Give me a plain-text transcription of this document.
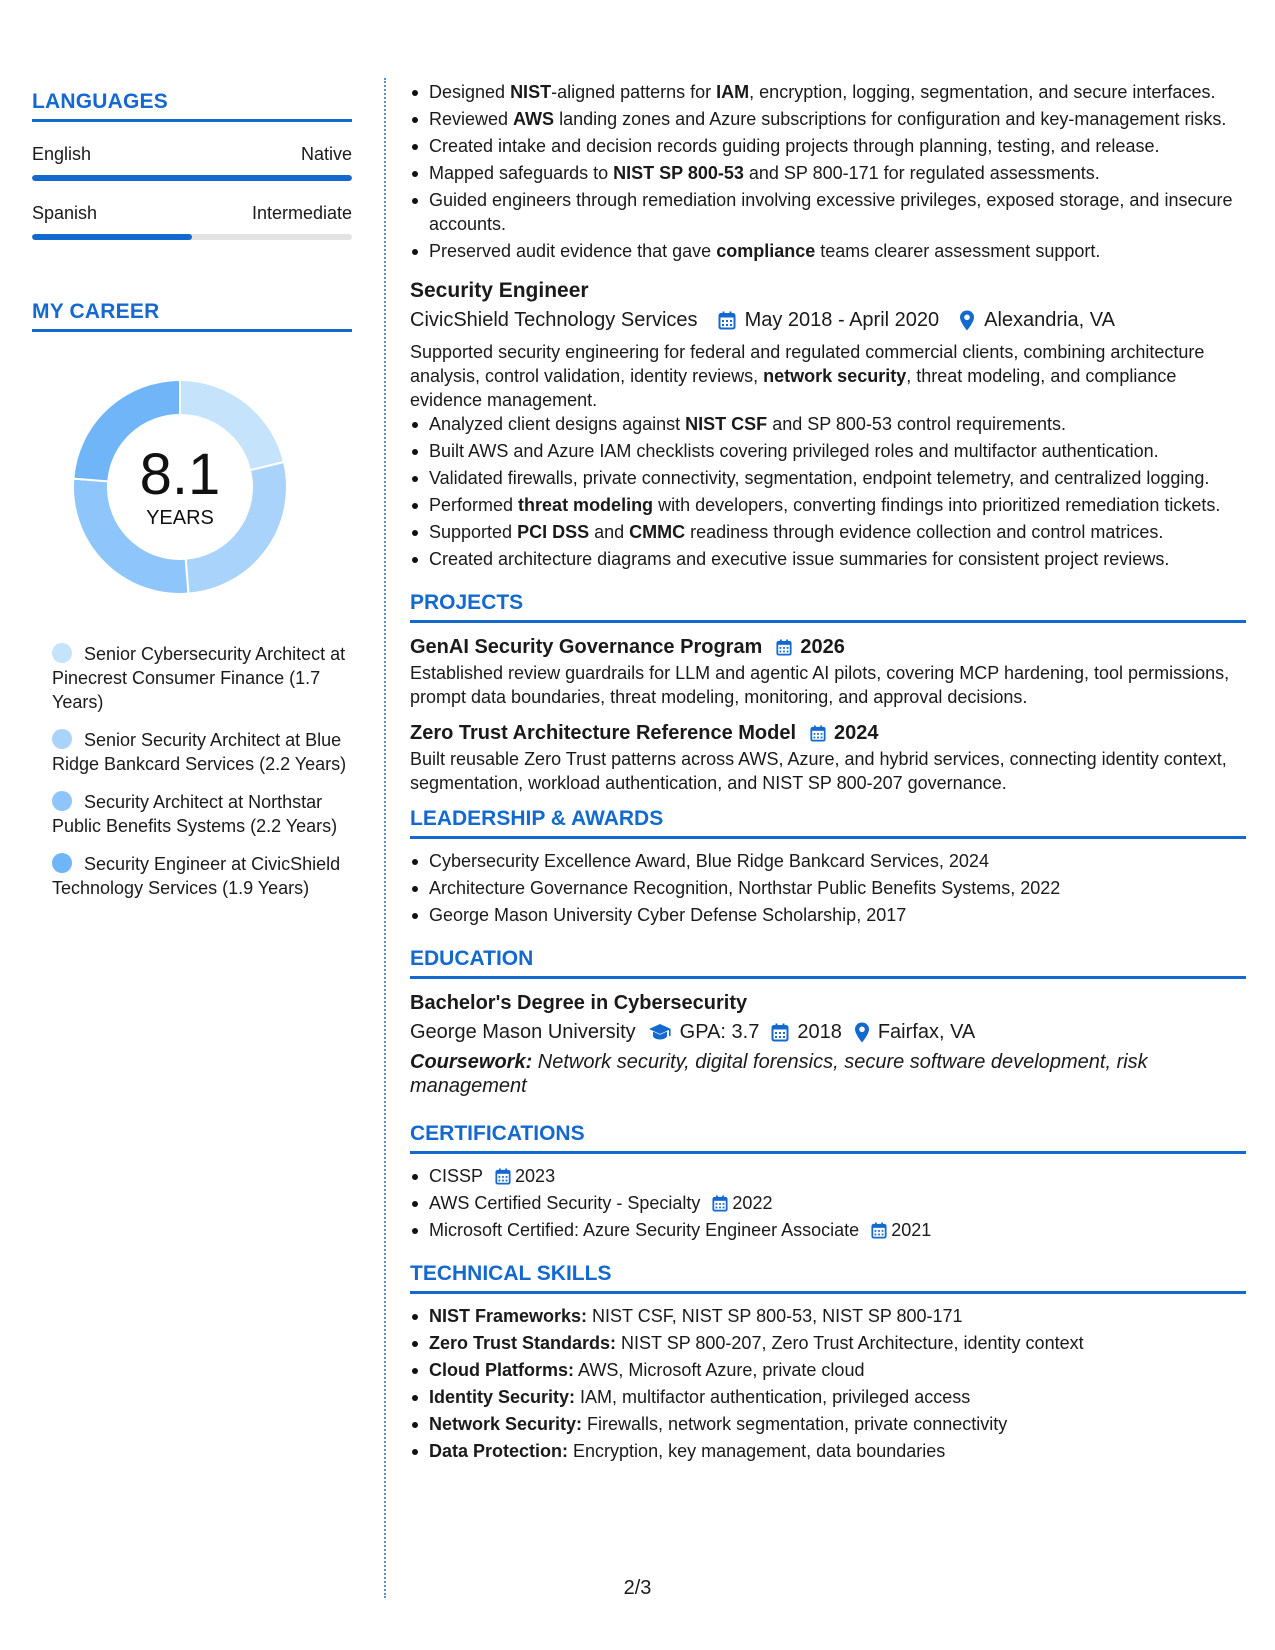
LANGUAGES
English	Native
Spanish	Intermediate
MY CAREER
8.1
YEARS
Senior Cybersecurity Architect at Pinecrest Consumer Finance (1.7 Years)
Senior Security Architect at Blue Ridge Bankcard Services (2.2 Years)
Security Architect at Northstar Public Benefits Systems (2.2 Years)
Security Engineer at CivicShield Technology Services (1.9 Years)
Designed NIST-aligned patterns for IAM, encryption, logging, segmentation, and secure interfaces.
Reviewed AWS landing zones and Azure subscriptions for configuration and key-management risks.
Created intake and decision records guiding projects through planning, testing, and release.
Mapped safeguards to NIST SP 800-53 and SP 800-171 for regulated assessments.
Guided engineers through remediation involving excessive privileges, exposed storage, and insecure accounts.
Preserved audit evidence that gave compliance teams clearer assessment support.
Security Engineer
CivicShield Technology Services May 2018 - April 2020 Alexandria, VA
Supported security engineering for federal and regulated commercial clients, combining architecture analysis, control validation, identity reviews, network security, threat modeling, and compliance evidence management.
Analyzed client designs against NIST CSF and SP 800-53 control requirements.
Built AWS and Azure IAM checklists covering privileged roles and multifactor authentication.
Validated firewalls, private connectivity, segmentation, endpoint telemetry, and centralized logging.
Performed threat modeling with developers, converting findings into prioritized remediation tickets.
Supported PCI DSS and CMMC readiness through evidence collection and control matrices.
Created architecture diagrams and executive issue summaries for consistent project reviews.
PROJECTS
GenAI Security Governance Program 2026
Established review guardrails for LLM and agentic AI pilots, covering MCP hardening, tool permissions, prompt data boundaries, threat modeling, monitoring, and approval decisions.
Zero Trust Architecture Reference Model 2024
Built reusable Zero Trust patterns across AWS, Azure, and hybrid services, connecting identity context, segmentation, workload authentication, and NIST SP 800-207 governance.
LEADERSHIP & AWARDS
Cybersecurity Excellence Award, Blue Ridge Bankcard Services, 2024
Architecture Governance Recognition, Northstar Public Benefits Systems, 2022
George Mason University Cyber Defense Scholarship, 2017
EDUCATION
Bachelor's Degree in Cybersecurity
George Mason University GPA: 3.7 2018 Fairfax, VA
Coursework: Network security, digital forensics, secure software development, risk management
CERTIFICATIONS
CISSP 2023
AWS Certified Security - Specialty 2022
Microsoft Certified: Azure Security Engineer Associate 2021
TECHNICAL SKILLS
NIST Frameworks: NIST CSF, NIST SP 800-53, NIST SP 800-171
Zero Trust Standards: NIST SP 800-207, Zero Trust Architecture, identity context
Cloud Platforms: AWS, Microsoft Azure, private cloud
Identity Security: IAM, multifactor authentication, privileged access
Network Security: Firewalls, network segmentation, private connectivity
Data Protection: Encryption, key management, data boundaries
2/3
